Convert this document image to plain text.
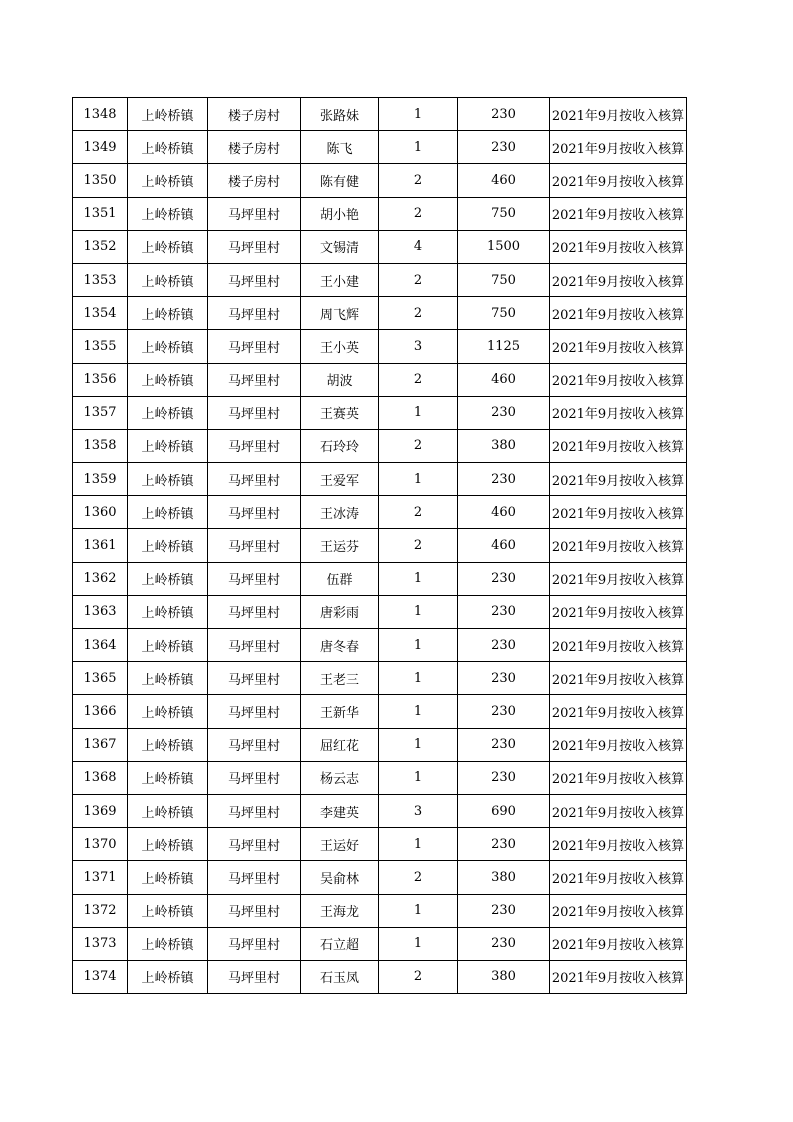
1348	上岭桥镇	楼子房村	张路妹	1	230	2021年9月按收入核算
1349	上岭桥镇	楼子房村	陈飞	1	230	2021年9月按收入核算
1350	上岭桥镇	楼子房村	陈有健	2	460	2021年9月按收入核算
1351	上岭桥镇	马坪里村	胡小艳	2	750	2021年9月按收入核算
1352	上岭桥镇	马坪里村	文锡清	4	1500	2021年9月按收入核算
1353	上岭桥镇	马坪里村	王小建	2	750	2021年9月按收入核算
1354	上岭桥镇	马坪里村	周飞辉	2	750	2021年9月按收入核算
1355	上岭桥镇	马坪里村	王小英	3	1125	2021年9月按收入核算
1356	上岭桥镇	马坪里村	胡波	2	460	2021年9月按收入核算
1357	上岭桥镇	马坪里村	王赛英	1	230	2021年9月按收入核算
1358	上岭桥镇	马坪里村	石玲玲	2	380	2021年9月按收入核算
1359	上岭桥镇	马坪里村	王爱军	1	230	2021年9月按收入核算
1360	上岭桥镇	马坪里村	王冰涛	2	460	2021年9月按收入核算
1361	上岭桥镇	马坪里村	王运芬	2	460	2021年9月按收入核算
1362	上岭桥镇	马坪里村	伍群	1	230	2021年9月按收入核算
1363	上岭桥镇	马坪里村	唐彩雨	1	230	2021年9月按收入核算
1364	上岭桥镇	马坪里村	唐冬春	1	230	2021年9月按收入核算
1365	上岭桥镇	马坪里村	王老三	1	230	2021年9月按收入核算
1366	上岭桥镇	马坪里村	王新华	1	230	2021年9月按收入核算
1367	上岭桥镇	马坪里村	屈红花	1	230	2021年9月按收入核算
1368	上岭桥镇	马坪里村	杨云志	1	230	2021年9月按收入核算
1369	上岭桥镇	马坪里村	李建英	3	690	2021年9月按收入核算
1370	上岭桥镇	马坪里村	王运好	1	230	2021年9月按收入核算
1371	上岭桥镇	马坪里村	吴俞林	2	380	2021年9月按收入核算
1372	上岭桥镇	马坪里村	王海龙	1	230	2021年9月按收入核算
1373	上岭桥镇	马坪里村	石立超	1	230	2021年9月按收入核算
1374	上岭桥镇	马坪里村	石玉凤	2	380	2021年9月按收入核算
